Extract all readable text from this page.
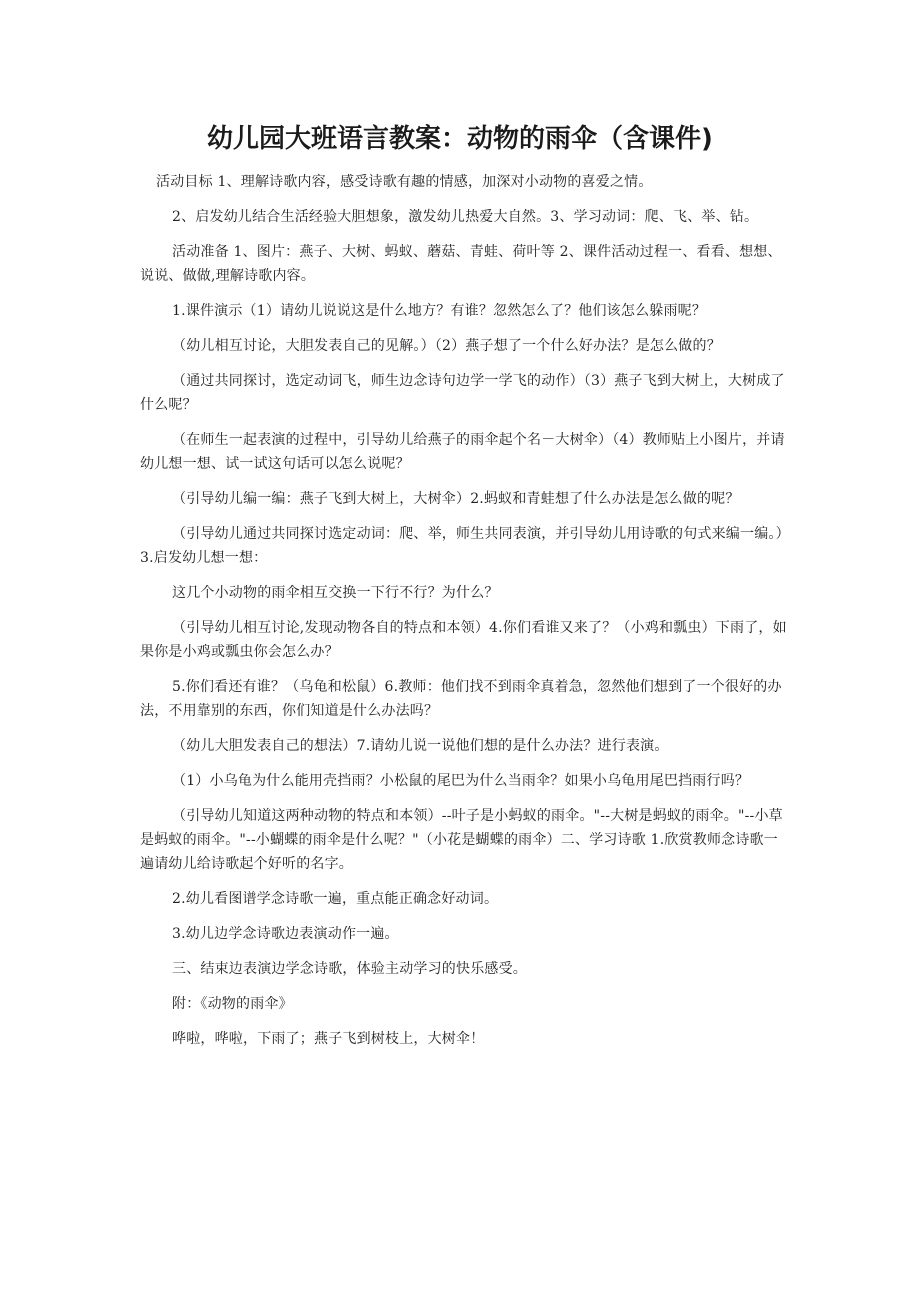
幼儿园大班语言教案：动物的雨伞（含课件)

活动目标 1、理解诗歌内容，感受诗歌有趣的情感，加深对小动物的喜爱之情。

2、启发幼儿结合生活经验大胆想象，激发幼儿热爱大自然。3、学习动词：爬、飞、举、钻。

活动准备 1、图片：燕子、大树、蚂蚁、蘑菇、青蛙、荷叶等 2、课件活动过程一、看看、想想、说说、做做,理解诗歌内容。

1.课件演示（1）请幼儿说说这是什么地方？有谁？忽然怎么了？他们该怎么躲雨呢？

（幼儿相互讨论，大胆发表自己的见解。）（2）燕子想了一个什么好办法？是怎么做的？

（通过共同探讨，选定动词飞，师生边念诗句边学一学飞的动作）（3）燕子飞到大树上，大树成了什么呢？

（在师生一起表演的过程中，引导幼儿给燕子的雨伞起个名－大树伞）（4）教师贴上小图片，并请幼儿想一想、试一试这句话可以怎么说呢？

（引导幼儿编一编：燕子飞到大树上，大树伞）2.蚂蚁和青蛙想了什么办法是怎么做的呢？

（引导幼儿通过共同探讨选定动词：爬、举，师生共同表演，并引导幼儿用诗歌的句式来编一编。）3.启发幼儿想一想：

这几个小动物的雨伞相互交换一下行不行？为什么？

（引导幼儿相互讨论,发现动物各自的特点和本领）4.你们看谁又来了？（小鸡和瓢虫）下雨了，如果你是小鸡或瓢虫你会怎么办？

5.你们看还有谁？（乌龟和松鼠）6.教师：他们找不到雨伞真着急，忽然他们想到了一个很好的办法，不用靠别的东西，你们知道是什么办法吗？

（幼儿大胆发表自己的想法）7.请幼儿说一说他们想的是什么办法？进行表演。

（1）小乌龟为什么能用壳挡雨？小松鼠的尾巴为什么当雨伞？如果小乌龟用尾巴挡雨行吗？

（引导幼儿知道这两种动物的特点和本领）--叶子是小蚂蚁的雨伞。"--大树是蚂蚁的雨伞。"--小草是蚂蚁的雨伞。"--小蝴蝶的雨伞是什么呢？"（小花是蝴蝶的雨伞）二、学习诗歌 1.欣赏教师念诗歌一遍请幼儿给诗歌起个好听的名字。

2.幼儿看图谱学念诗歌一遍，重点能正确念好动词。

3.幼儿边学念诗歌边表演动作一遍。

三、结束边表演边学念诗歌，体验主动学习的快乐感受。

附：《动物的雨伞》

哗啦，哗啦，下雨了；燕子飞到树枝上，大树伞！
